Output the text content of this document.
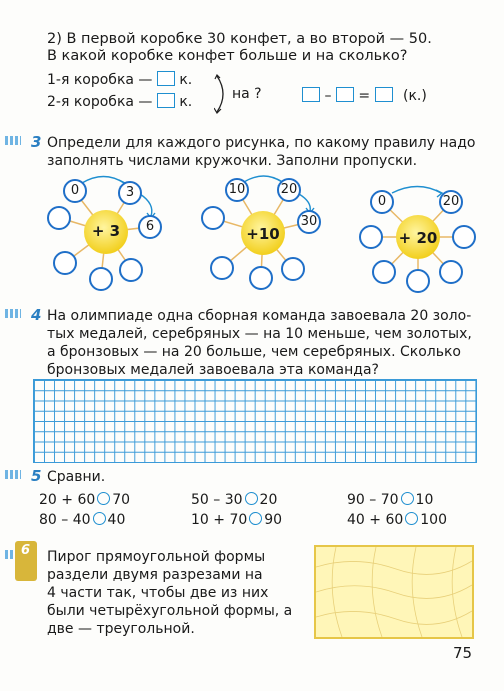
2) В первой коробке 30 конфет, а во второй — 50.
В какой коробке конфет больше и на сколько?
1-я коробка — к.
2-я коробка — к.	на ?	– = (к.)
3 Определи для каждого рисунка, по какому правилу надо
заполнять числами кружочки. Заполни пропуски.
+ 3
0	3
6	+10
10	20
30
+ 20
0	20
4 На олимпиаде одна сборная команда завоевала 20 золо-
тых медалей, серебряных — на 10 меньше, чем золотых,
а бронзовых — на 20 больше, чем серебряных. Сколько
бронзовых медалей завоевала эта команда?
5 Сравни.
20 + 60 70
80 – 40 40
50 – 30 20
10 + 70 90
90 – 70 10
40 + 60 100
6 Пирог прямоугольной формы
раздели двумя разрезами на
4 части так, чтобы две из них
были четырёхугольной формы, а
две — треугольной.
75
